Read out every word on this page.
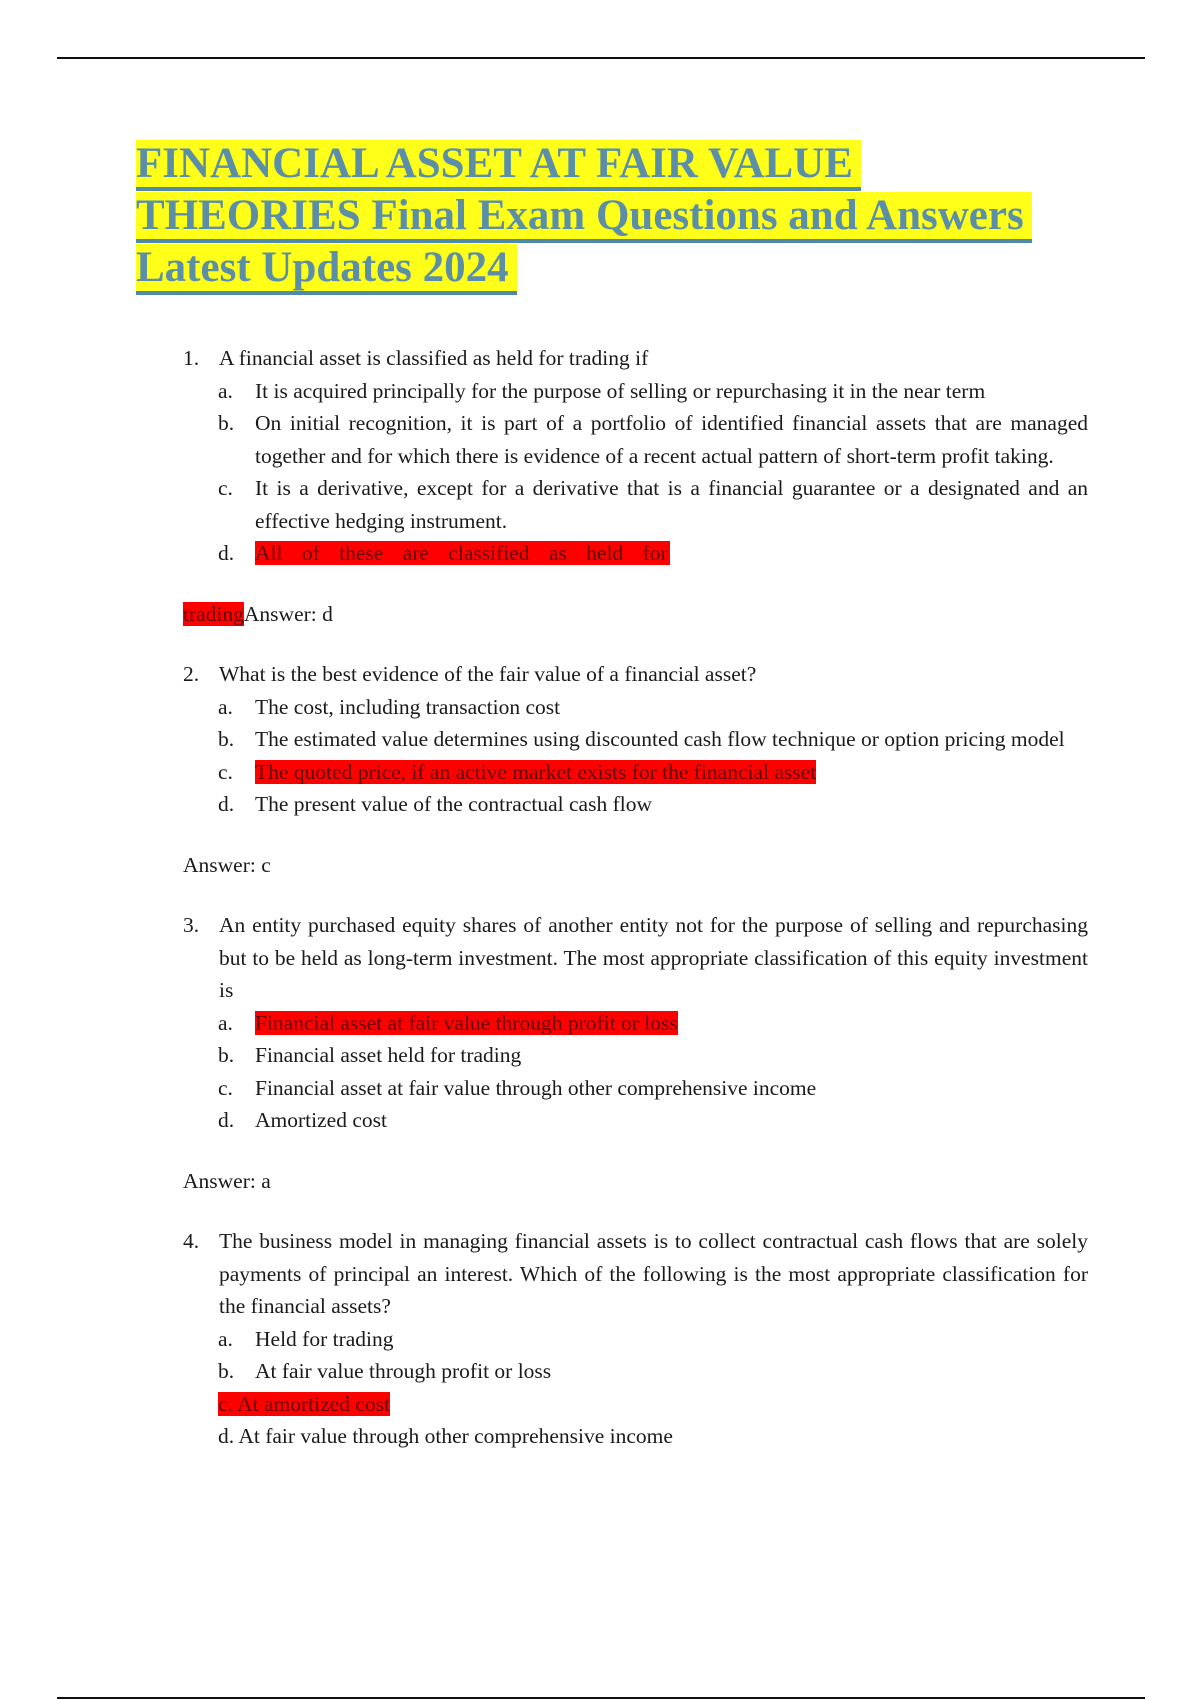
FINANCIAL ASSET AT FAIR VALUE
THEORIES Final Exam Questions and Answers
Latest Updates 2024
1. A financial asset is classified as held for trading if
a.	It is acquired principally for the purpose of selling or repurchasing it in the near term
b. On initial recognition, it is part of a portfolio of identified financial assets that are managed together and for which there is evidence of a recent actual pattern of short-term profit taking.
c.	It is a derivative, except for a derivative that is a financial guarantee or a designated and an effective hedging instrument.
d. All of these are classified as held for
tradingAnswer: d
2. What is the best evidence of the fair value of a financial asset?
a.	The cost, including transaction cost
b. The estimated value determines using discounted cash flow technique or option pricing model
c.	The quoted price, if an active market exists for the financial asset
d. The present value of the contractual cash flow
Answer: c
3. An entity purchased equity shares of another entity not for the purpose of selling and repurchasing but to be held as long-term investment. The most appropriate classification of this equity investment is
a.	Financial asset at fair value through profit or loss
b. Financial asset held for trading
c.	Financial asset at fair value through other comprehensive income
d. Amortized cost
Answer: a
4. The business model in managing financial assets is to collect contractual cash flows that are solely payments of principal an interest. Which of the following is the most appropriate classification for the financial assets?
a.	Held for trading
b. At fair value through profit or loss
c. At amortized cost
d. At fair value through other comprehensive income
